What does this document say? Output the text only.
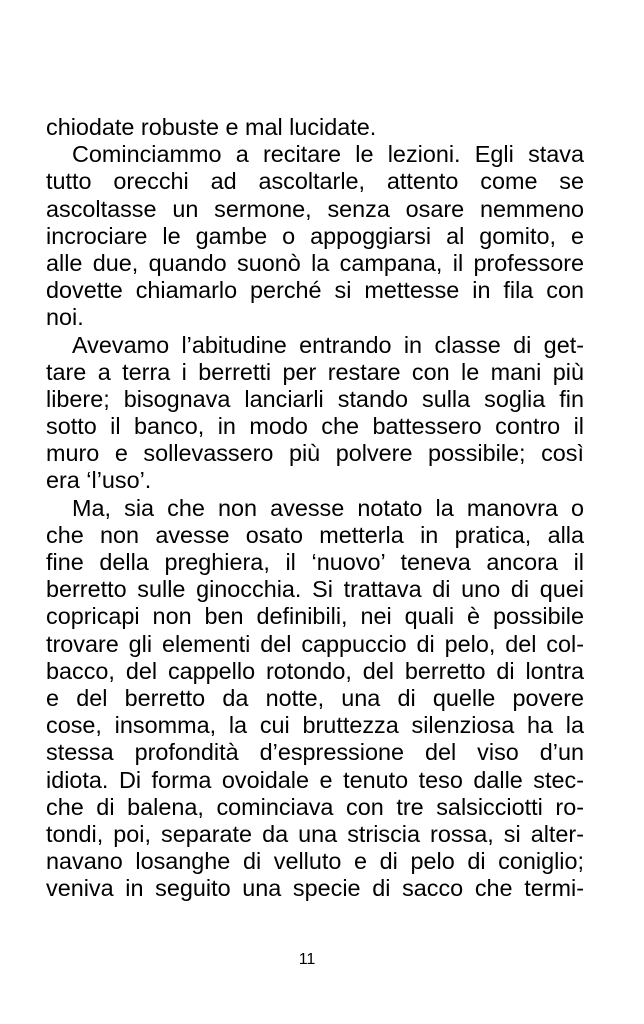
chiodate robuste e mal lucidate.
Cominciammo a recitare le lezioni. Egli stava
tutto orecchi ad ascoltarle, attento come se
ascoltasse un sermone, senza osare nemmeno
incrociare le gambe o appoggiarsi al gomito, e
alle due, quando suonò la campana, il professore
dovette chiamarlo perché si mettesse in fila con
noi.
Avevamo l’abitudine entrando in classe di get-
tare a terra i berretti per restare con le mani più
libere; bisognava lanciarli stando sulla soglia fin
sotto il banco, in modo che battessero contro il
muro e sollevassero più polvere possibile; così
era ‘l’uso’.
Ma, sia che non avesse notato la manovra o
che non avesse osato metterla in pratica, alla
fine della preghiera, il ‘nuovo’ teneva ancora il
berretto sulle ginocchia. Si trattava di uno di quei
copricapi non ben definibili, nei quali è possibile
trovare gli elementi del cappuccio di pelo, del col-
bacco, del cappello rotondo, del berretto di lontra
e del berretto da notte, una di quelle povere
cose, insomma, la cui bruttezza silenziosa ha la
stessa profondità d’espressione del viso d’un
idiota. Di forma ovoidale e tenuto teso dalle stec-
che di balena, cominciava con tre salsicciotti ro-
tondi, poi, separate da una striscia rossa, si alter-
navano losanghe di velluto e di pelo di coniglio;
veniva in seguito una specie di sacco che termi-
11
